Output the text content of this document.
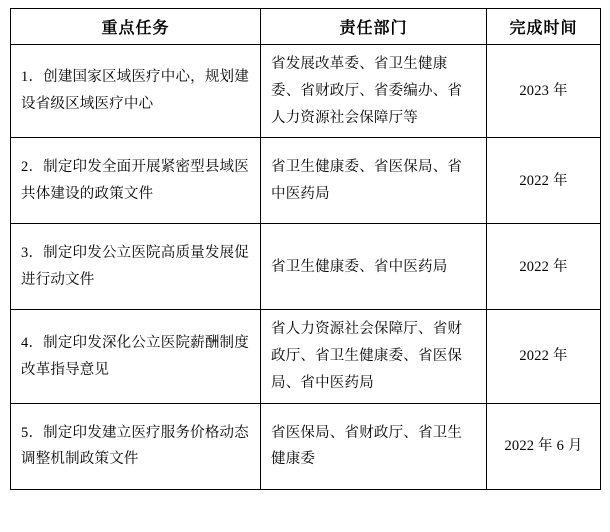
重点任务	责任部门	完成时间
1．创建国家区域医疗中心，规划建设省级区域医疗中心	省发展改革委、省卫生健康委、省财政厅、省委编办、省人力资源社会保障厅等	2023 年
2．制定印发全面开展紧密型县域医共体建设的政策文件	省卫生健康委、省医保局、省中医药局	2022 年
3．制定印发公立医院高质量发展促进行动文件	省卫生健康委、省中医药局	2022 年
4．制定印发深化公立医院薪酬制度改革指导意见	省人力资源社会保障厅、省财政厅、省卫生健康委、省医保局、省中医药局	2022 年
5．制定印发建立医疗服务价格动态调整机制政策文件	省医保局、省财政厅、省卫生健康委	2022 年 6 月
